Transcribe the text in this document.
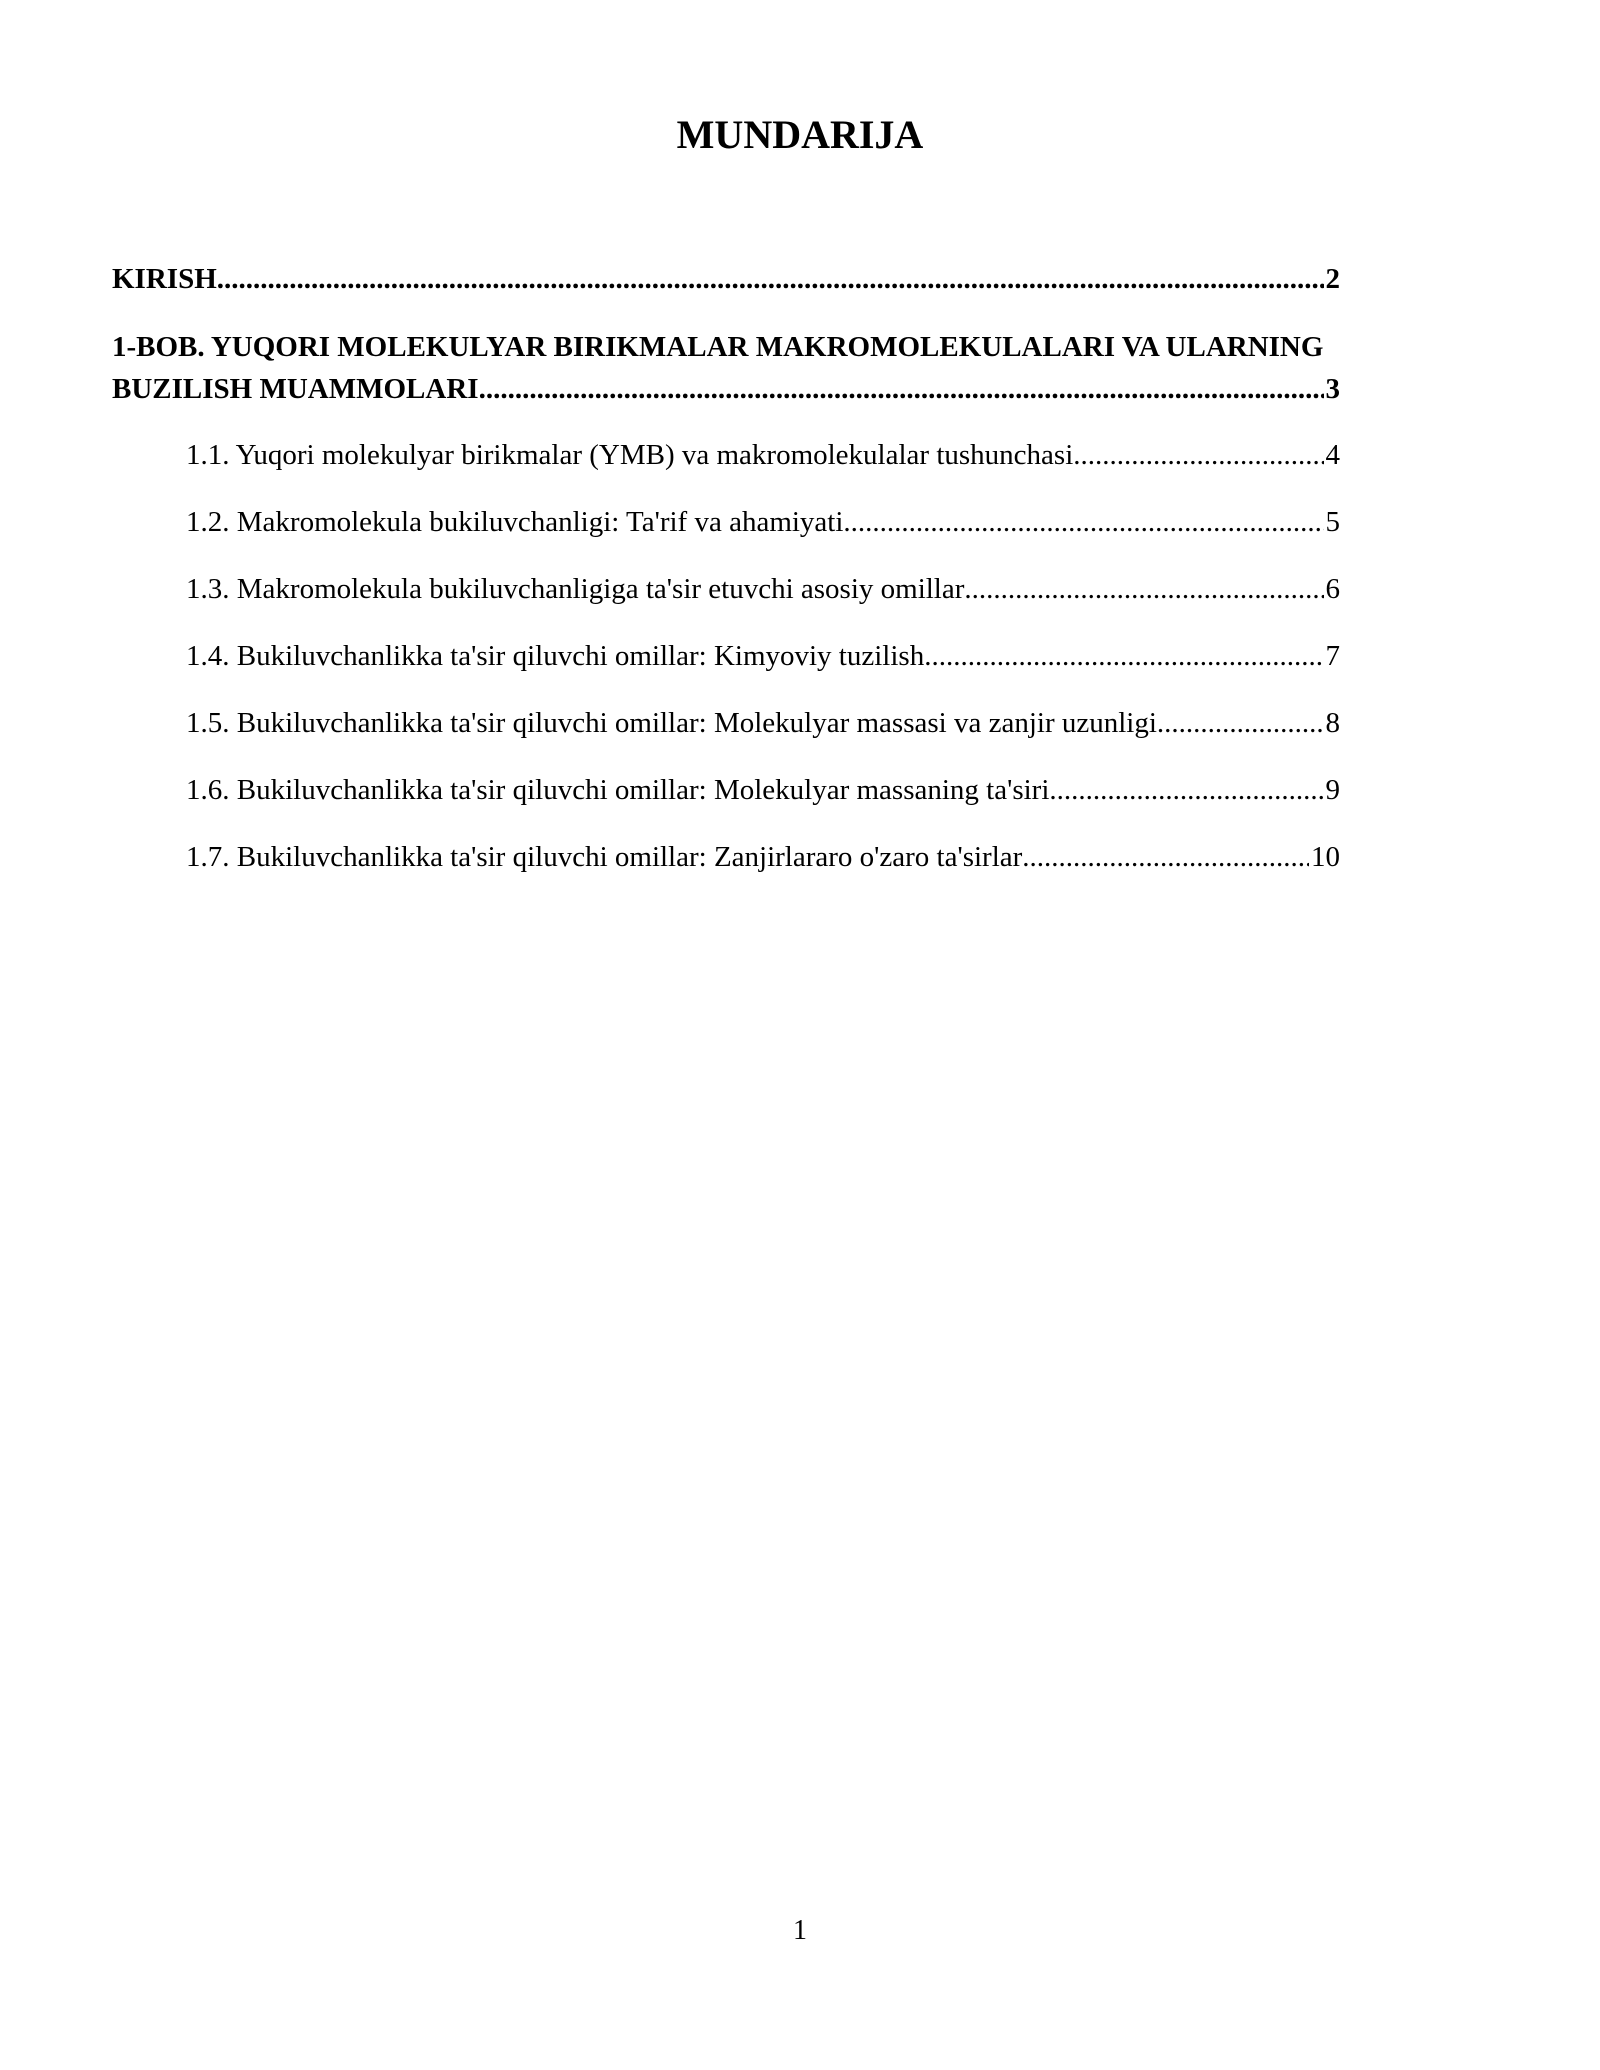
MUNDARIJA
KIRISH .....	2
1-BOB. YUQORI MOLEKULYAR BIRIKMALAR MAKROMOLEKULALARI VA ULARNING
BUZILISH MUAMMOLARI .....	3
1.1. Yuqori molekulyar birikmalar (YMB) va makromolekulalar tushunchasi .....	4
1.2. Makromolekula bukiluvchanligi: Ta'rif va ahamiyati .....	5
1.3. Makromolekula bukiluvchanligiga ta'sir etuvchi asosiy omillar .....	6
1.4. Bukiluvchanlikka ta'sir qiluvchi omillar: Kimyoviy tuzilish .....	7
1.5. Bukiluvchanlikka ta'sir qiluvchi omillar: Molekulyar massasi va zanjir uzunligi .....	8
1.6. Bukiluvchanlikka ta'sir qiluvchi omillar: Molekulyar massaning ta'siri .....	9
1.7. Bukiluvchanlikka ta'sir qiluvchi omillar: Zanjirlararo o'zaro ta'sirlar .....	10
1
